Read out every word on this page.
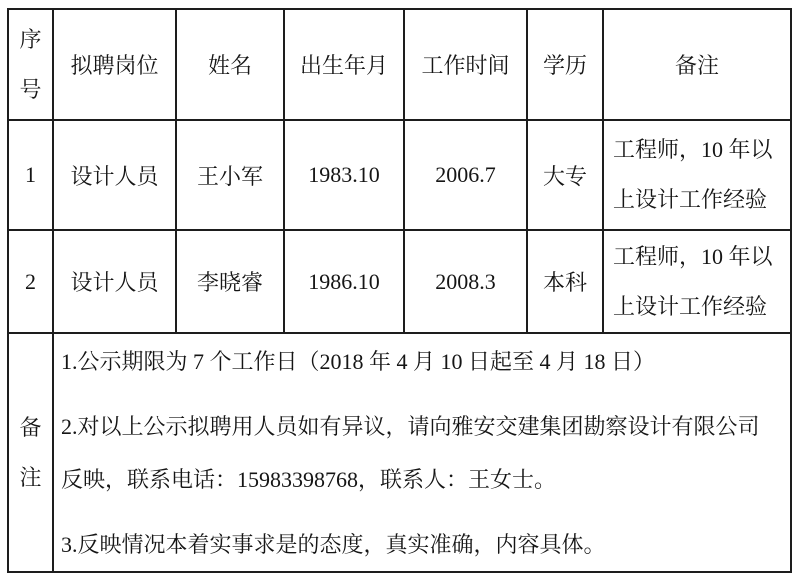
序号	拟聘岗位	姓名	出生年月	工作时间	学历	备注
1	设计人员	王小军	1983.10	2006.7	大专	工程师，10 年以上设计工作经验
2	设计人员	李晓睿	1986.10	2008.3	本科	工程师，10 年以上设计工作经验
备注	1.公示期限为 7 个工作日（2018 年 4 月 10 日起至 4 月 18 日）

2.对以上公示拟聘用人员如有异议，请向雅安交建集团勘察设计有限公司反映，联系电话：15983398768，联系人：王女士。

3.反映情况本着实事求是的态度，真实准确，内容具体。					
